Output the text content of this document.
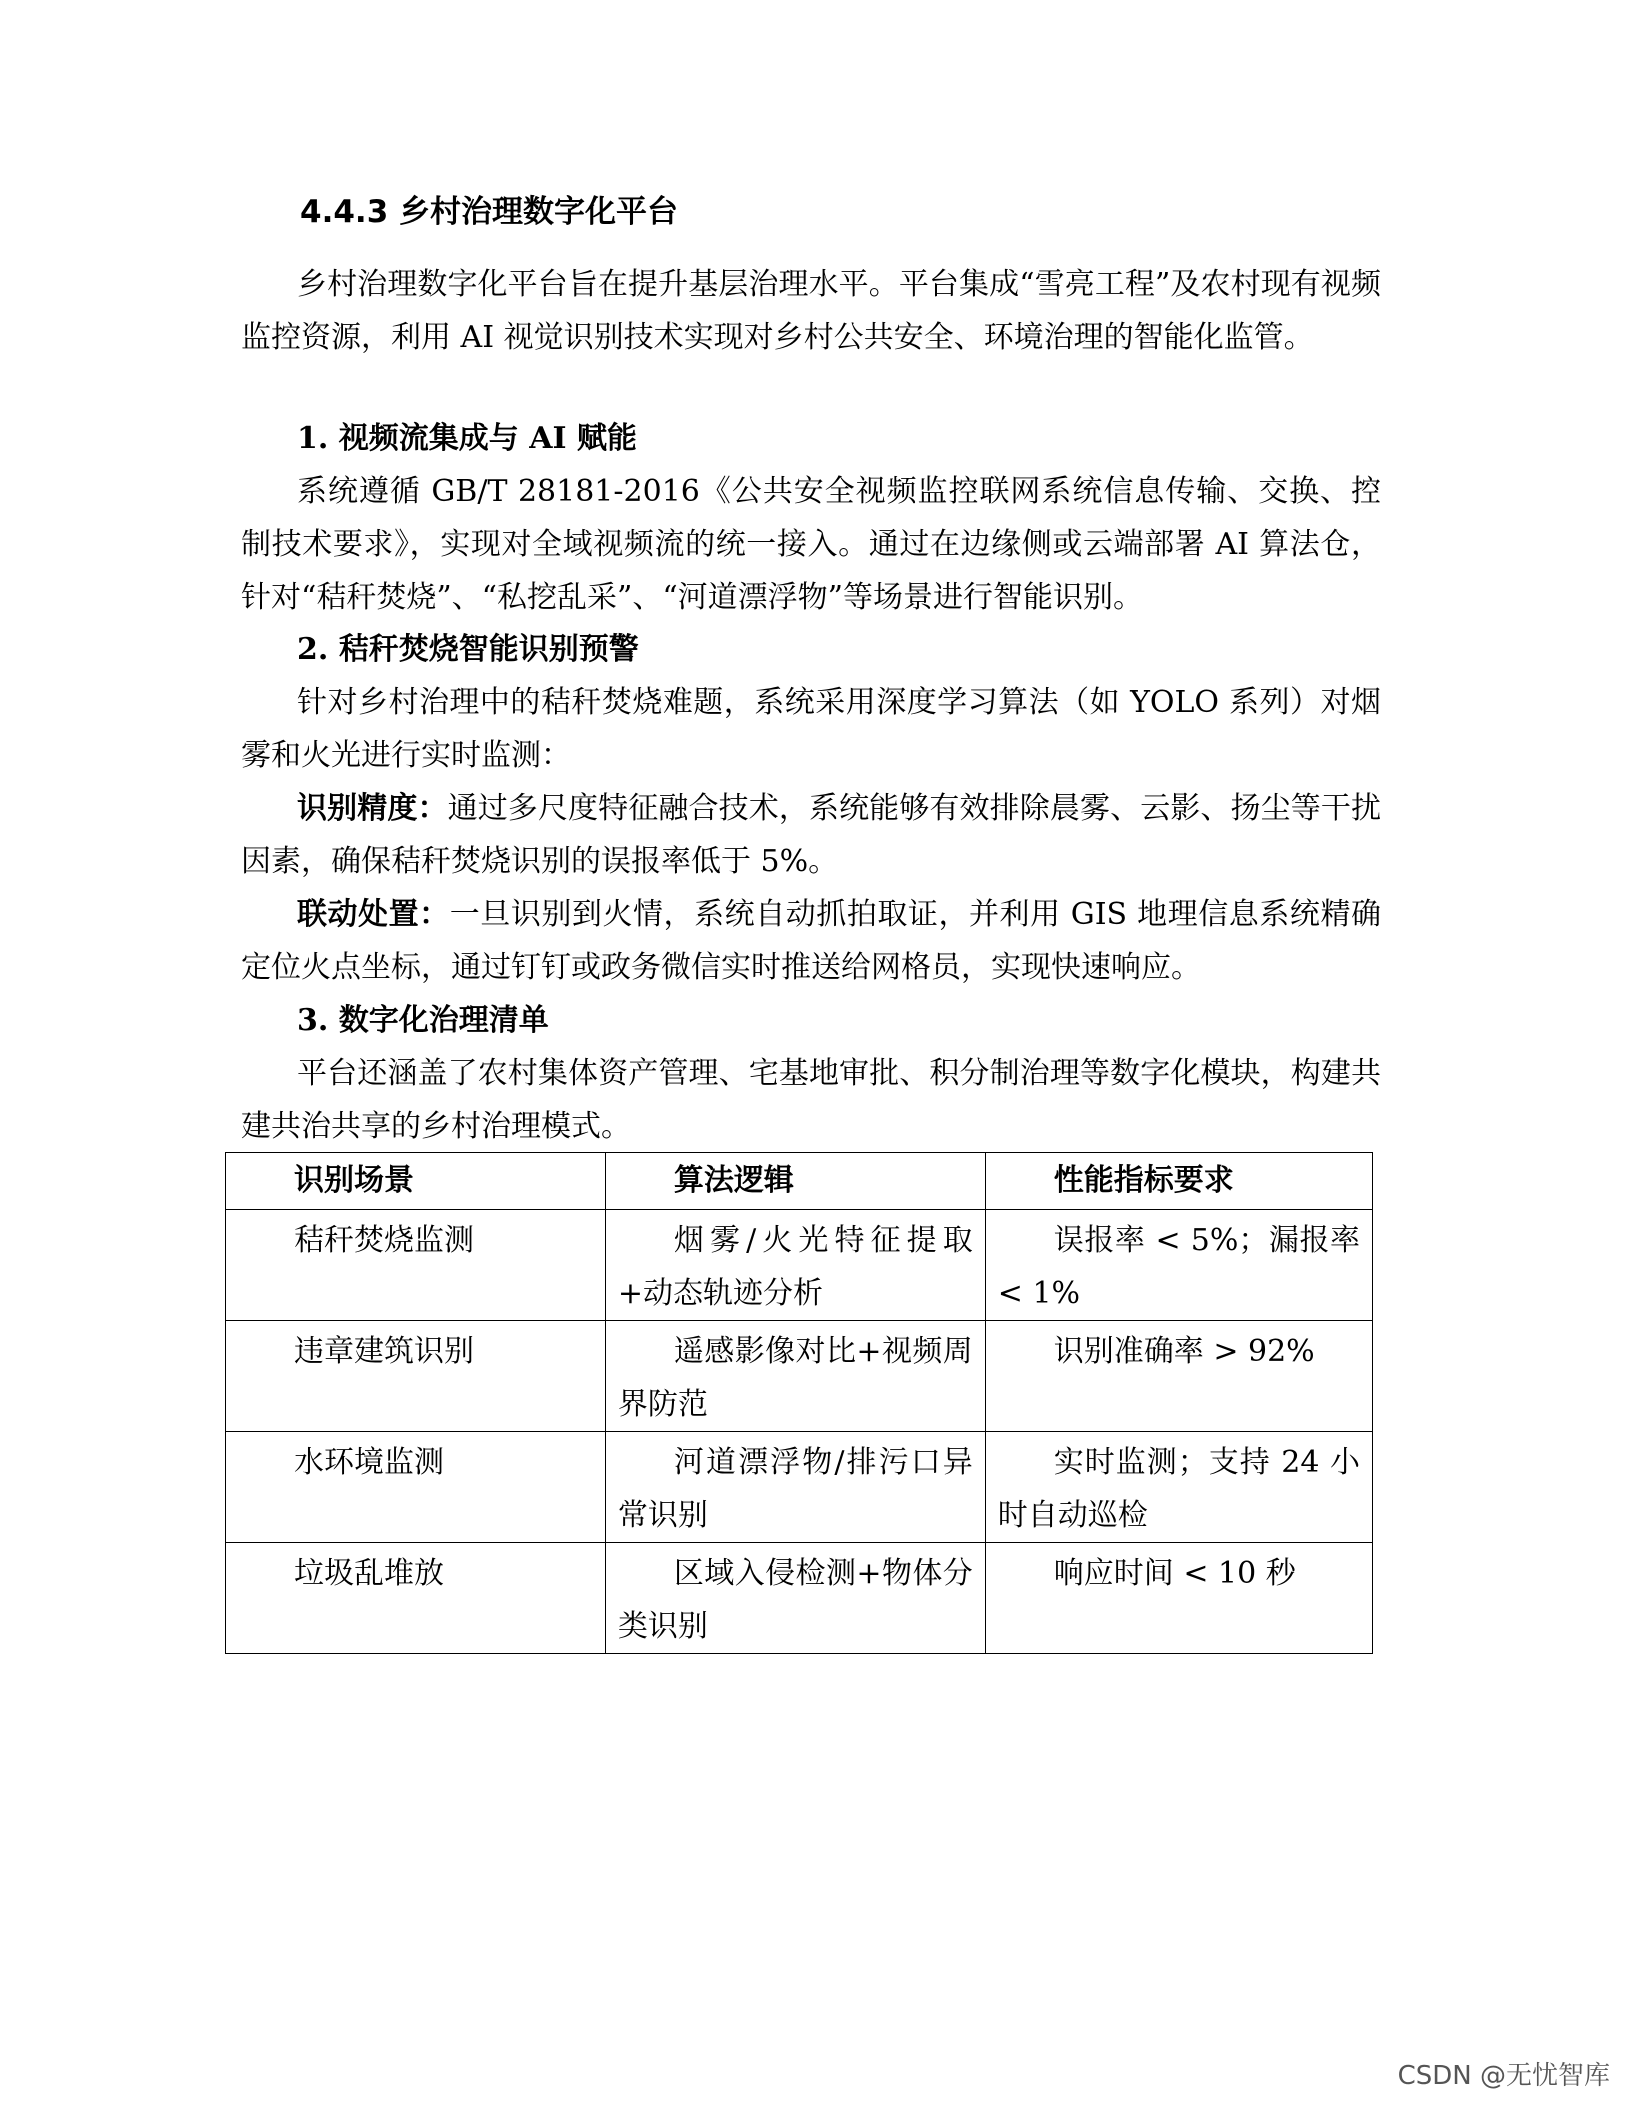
4.4.3 乡村治理数字化平台

乡村治理数字化平台旨在提升基层治理水平。平台集成“雪亮工程”及农村现有视频监控资源，利用 AI 视觉识别技术实现对乡村公共安全、环境治理的智能化监管。

1. 视频流集成与 AI 赋能

系统遵循 GB/T 28181-2016《公共安全视频监控联网系统信息传输、交换、控制技术要求》，实现对全域视频流的统一接入。通过在边缘侧或云端部署 AI 算法仓，针对“秸秆焚烧”、“私挖乱采”、“河道漂浮物”等场景进行智能识别。

2. 秸秆焚烧智能识别预警

针对乡村治理中的秸秆焚烧难题，系统采用深度学习算法（如 YOLO 系列）对烟雾和火光进行实时监测：

识别精度：通过多尺度特征融合技术，系统能够有效排除晨雾、云影、扬尘等干扰因素，确保秸秆焚烧识别的误报率低于 5%。

联动处置：一旦识别到火情，系统自动抓拍取证，并利用 GIS 地理信息系统精确定位火点坐标，通过钉钉或政务微信实时推送给网格员，实现快速响应。

3. 数字化治理清单

平台还涵盖了农村集体资产管理、宅基地审批、积分制治理等数字化模块，构建共建共治共享的乡村治理模式。

识别场景	算法逻辑	性能指标要求
秸秆焚烧监测	烟雾/火光特征提取+动态轨迹分析	误报率 < 5%；漏报率 < 1%
违章建筑识别	遥感影像对比+视频周界防范	识别准确率 > 92%
水环境监测	河道漂浮物/排污口异常识别	实时监测；支持 24 小时自动巡检
垃圾乱堆放	区域入侵检测+物体分类识别	响应时间 < 10 秒
CSDN @无忧智库
